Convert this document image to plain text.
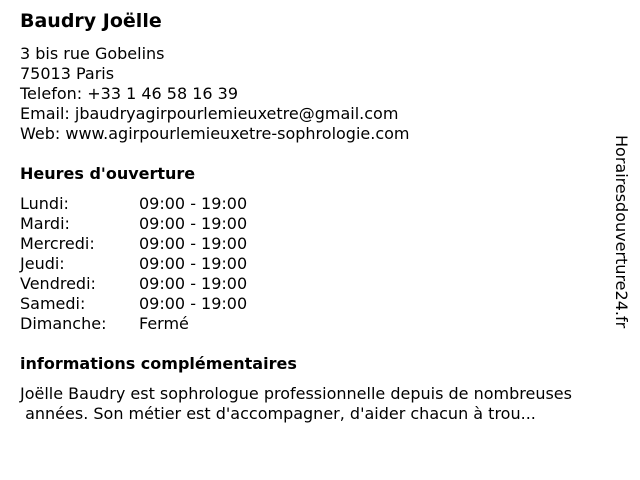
Baudry Joëlle
3 bis rue Gobelins
75013 Paris
Telefon: +33 1 46 58 16 39
Email: jbaudryagirpourlemieuxetre@gmail.com
Web: www.agirpourlemieuxetre-sophrologie.com
Heures d'ouverture
Lundi:	09:00 - 19:00
Mardi:	09:00 - 19:00
Mercredi:	09:00 - 19:00
Jeudi:	09:00 - 19:00
Vendredi:	09:00 - 19:00
Samedi:	09:00 - 19:00
Dimanche: Fermé
informations complémentaires
Joëlle Baudry est sophrologue professionnelle depuis de nombreuses
années. Son métier est d'accompagner, d'aider chacun à trou...
Horairesdouverture24.fr
